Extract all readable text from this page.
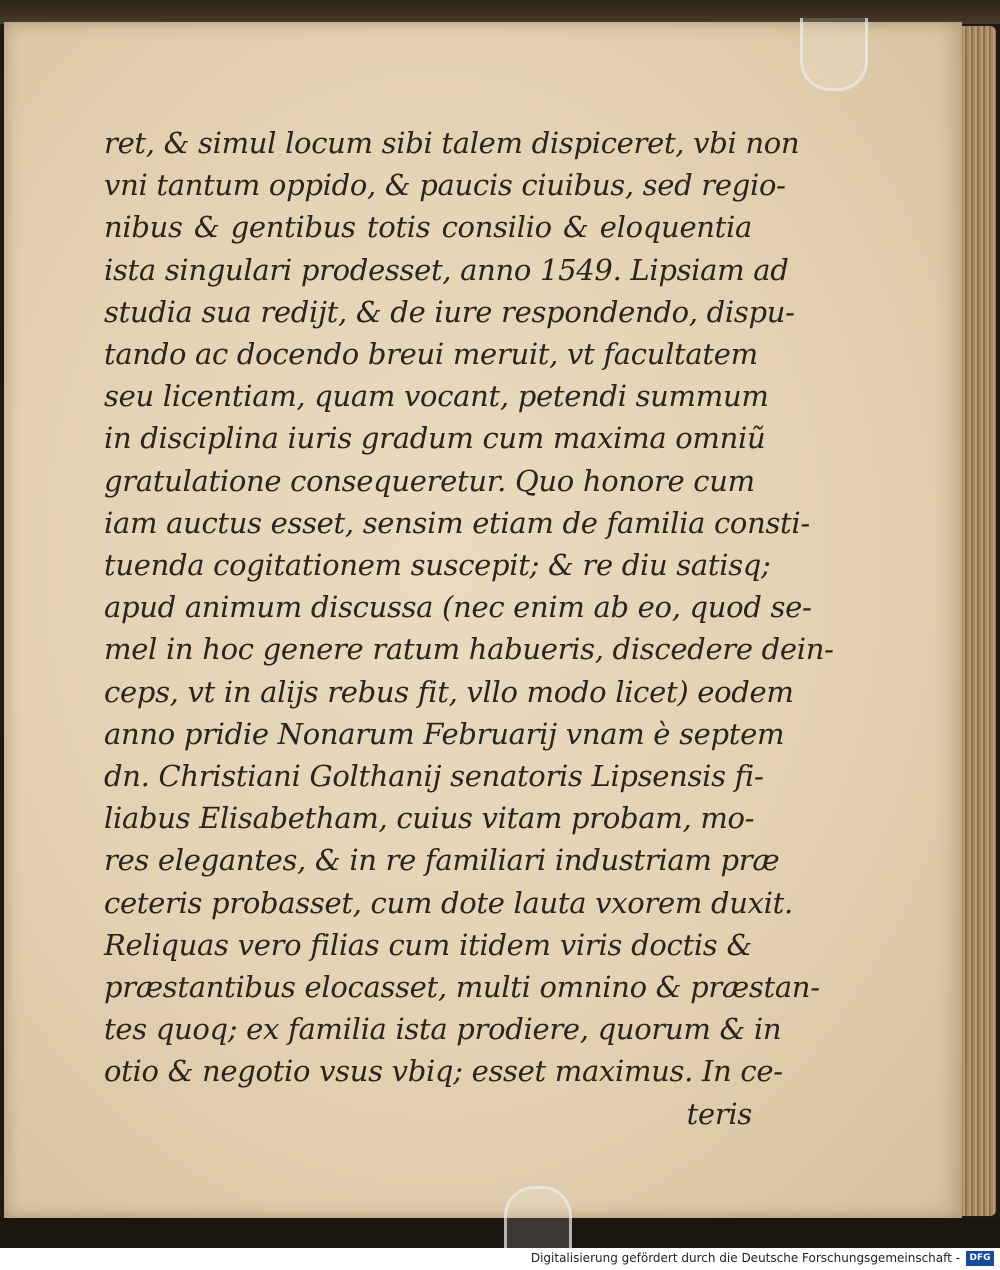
ret, & simul locum sibi talem dispiceret, vbi non
vni tantum oppido, & paucis ciuibus, sed regio-
nibus & gentibus totis consilio & eloquentia
ista singulari prodesset, anno 1549. Lipsiam ad
studia sua redijt, & de iure respondendo, dispu-
tando ac docendo breui meruit, vt facultatem
seu licentiam, quam vocant, petendi summum
in disciplina iuris gradum cum maxima omniũ
gratulatione consequeretur. Quo honore cum
iam auctus esset, sensim etiam de familia consti-
tuenda cogitationem suscepit; & re diu satisq;
apud animum discussa (nec enim ab eo, quod se-
mel in hoc genere ratum habueris, discedere dein-
ceps, vt in alijs rebus fit, vllo modo licet) eodem
anno pridie Nonarum Februarij vnam è septem
dn. Christiani Golthanij senatoris Lipsensis fi-
liabus Elisabetham, cuius vitam probam, mo-
res elegantes, & in re familiari industriam præ
ceteris probasset, cum dote lauta vxorem duxit.
Reliquas vero filias cum itidem viris doctis &
præstantibus elocasset, multi omnino & præstan-
tes quoq; ex familia ista prodiere, quorum & in
otio & negotio vsus vbiq; esset maximus. In ce-
teris
Digitalisierung gefördert durch die Deutsche Forschungsgemeinschaft -	DFG
